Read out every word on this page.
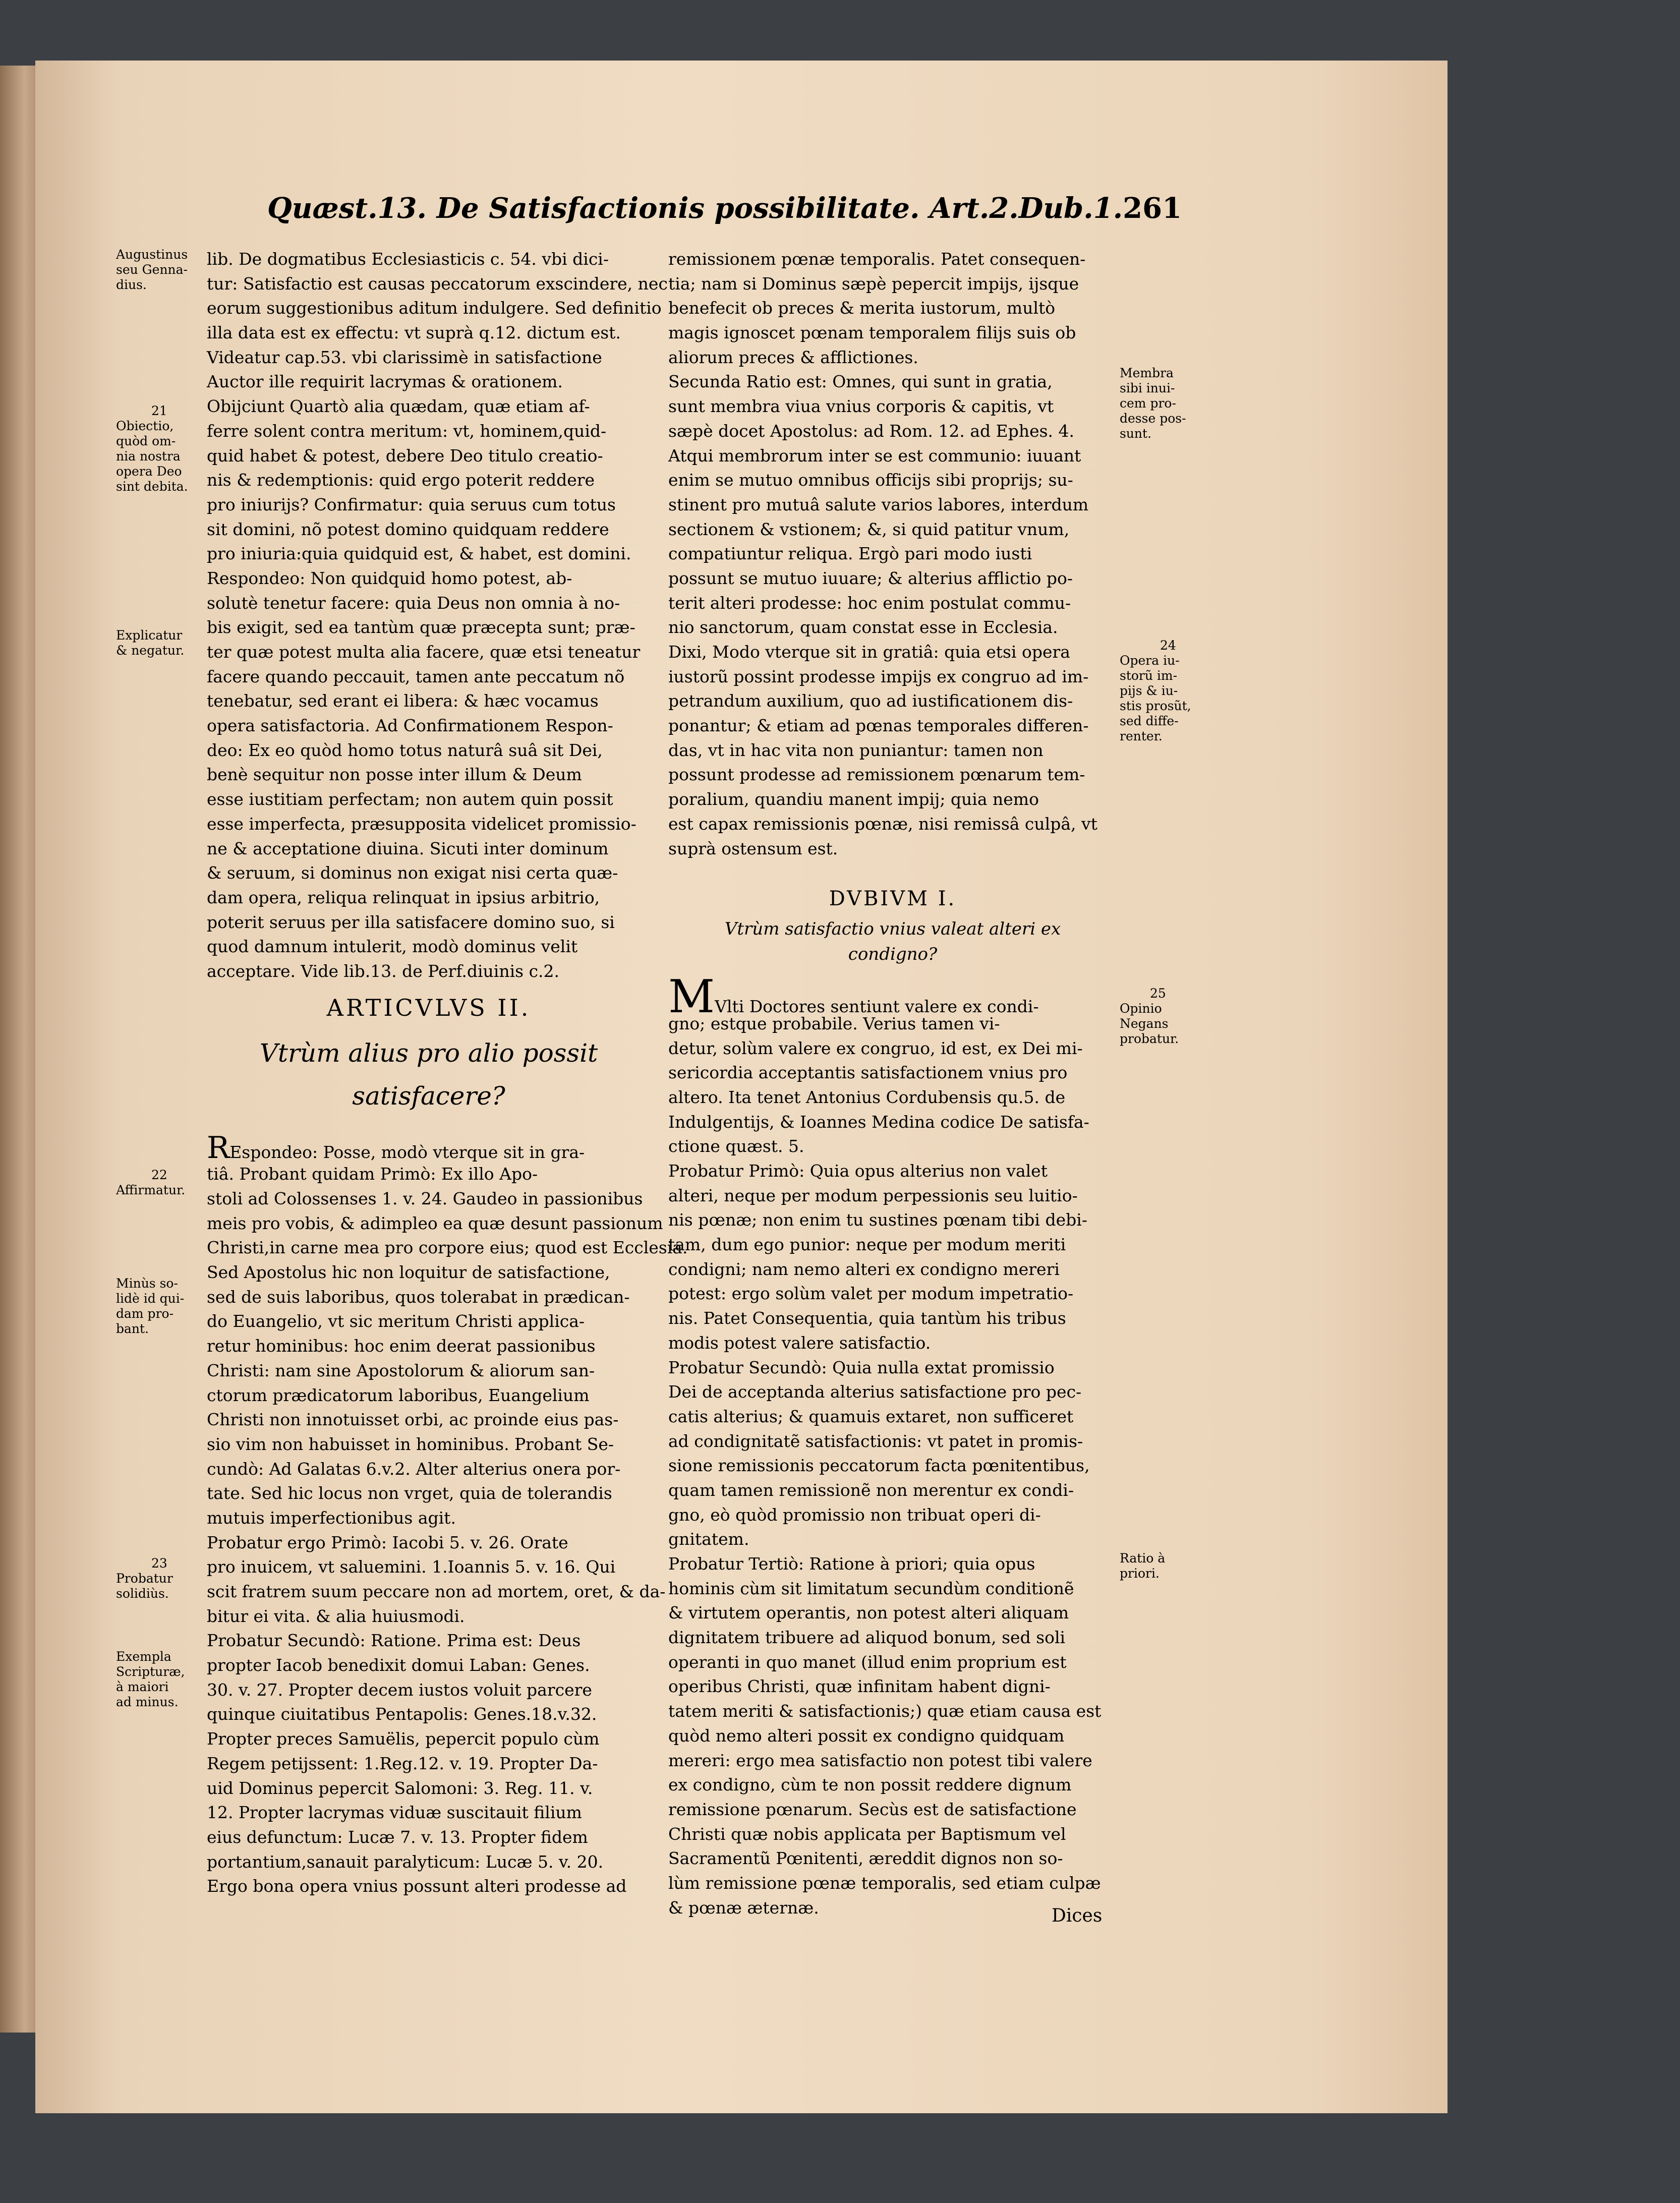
Quæst.13. De Satisfactionis possibilitate. Art.2.Dub.1. 261
lib. De dogmatibus Ecclesiasticis c. 54. vbi dici-
tur: Satisfactio est causas peccatorum exscindere, nec
eorum suggestionibus aditum indulgere. Sed definitio
illa data est ex effectu: vt suprà q.12. dictum est.
Videatur cap.53. vbi clarissimè in satisfactione
Auctor ille requirit lacrymas & orationem.
Obijciunt Quartò alia quædam, quæ etiam af-
ferre solent contra meritum: vt, hominem,quid-
quid habet & potest, debere Deo titulo creatio-
nis & redemptionis: quid ergo poterit reddere
pro iniurijs? Confirmatur: quia seruus cum totus
sit domini, nõ potest domino quidquam reddere
pro iniuria:quia quidquid est, & habet, est domini.
Respondeo: Non quidquid homo potest, ab-
solutè tenetur facere: quia Deus non omnia à no-
bis exigit, sed ea tantùm quæ præcepta sunt; præ-
ter quæ potest multa alia facere, quæ etsi teneatur
facere quando peccauit, tamen ante peccatum nõ
tenebatur, sed erant ei libera: & hæc vocamus
opera satisfactoria. Ad Confirmationem Respon-
deo: Ex eo quòd homo totus naturâ suâ sit Dei,
benè sequitur non posse inter illum & Deum
esse iustitiam perfectam; non autem quin possit
esse imperfecta, præsupposita videlicet promissio-
ne & acceptatione diuina. Sicuti inter dominum
& seruum, si dominus non exigat nisi certa quæ-
dam opera, reliqua relinquat in ipsius arbitrio,
poterit seruus per illa satisfacere domino suo, si
quod damnum intulerit, modò dominus velit
acceptare. Vide lib.13. de Perf.diuinis c.2.
ARTICVLVS II.
Vtrùm alius pro alio possit
satisfacere?
REspondeo: Posse, modò vterque sit in gra-
tiâ. Probant quidam Primò: Ex illo Apo-
stoli ad Colossenses 1. v. 24. Gaudeo in passionibus
meis pro vobis, & adimpleo ea quæ desunt passionum
Christi,in carne mea pro corpore eius; quod est Ecclesia.
Sed Apostolus hic non loquitur de satisfactione,
sed de suis laboribus, quos tolerabat in prædican-
do Euangelio, vt sic meritum Christi applica-
retur hominibus: hoc enim deerat passionibus
Christi: nam sine Apostolorum & aliorum san-
ctorum prædicatorum laboribus, Euangelium
Christi non innotuisset orbi, ac proinde eius pas-
sio vim non habuisset in hominibus. Probant Se-
cundò: Ad Galatas 6.v.2. Alter alterius onera por-
tate. Sed hic locus non vrget, quia de tolerandis
mutuis imperfectionibus agit.
Probatur ergo Primò: Iacobi 5. v. 26. Orate
pro inuicem, vt saluemini. 1.Ioannis 5. v. 16. Qui
scit fratrem suum peccare non ad mortem, oret, & da-
bitur ei vita. & alia huiusmodi.
Probatur Secundò: Ratione. Prima est: Deus
propter Iacob benedixit domui Laban: Genes.
30. v. 27. Propter decem iustos voluit parcere
quinque ciuitatibus Pentapolis: Genes.18.v.32.
Propter preces Samuëlis, pepercit populo cùm
Regem petijssent: 1.Reg.12. v. 19. Propter Da-
uid Dominus pepercit Salomoni: 3. Reg. 11. v.
12. Propter lacrymas viduæ suscitauit filium
eius defunctum: Lucæ 7. v. 13. Propter fidem
portantium,sanauit paralyticum: Lucæ 5. v. 20.
Ergo bona opera vnius possunt alteri prodesse ad
remissionem pœnæ temporalis. Patet consequen-
tia; nam si Dominus sæpè pepercit impijs, ijsque
benefecit ob preces & merita iustorum, multò
magis ignoscet pœnam temporalem filijs suis ob
aliorum preces & afflictiones.
Secunda Ratio est: Omnes, qui sunt in gratia,
sunt membra viua vnius corporis & capitis, vt
sæpè docet Apostolus: ad Rom. 12. ad Ephes. 4.
Atqui membrorum inter se est communio: iuuant
enim se mutuo omnibus officijs sibi proprijs; su-
stinent pro mutuâ salute varios labores, interdum
sectionem & vstionem; &, si quid patitur vnum,
compatiuntur reliqua. Ergò pari modo iusti
possunt se mutuo iuuare; & alterius afflictio po-
terit alteri prodesse: hoc enim postulat commu-
nio sanctorum, quam constat esse in Ecclesia.
Dixi, Modo vterque sit in gratiâ: quia etsi opera
iustorũ possint prodesse impijs ex congruo ad im-
petrandum auxilium, quo ad iustificationem dis-
ponantur; & etiam ad pœnas temporales differen-
das, vt in hac vita non puniantur: tamen non
possunt prodesse ad remissionem pœnarum tem-
poralium, quandiu manent impij; quia nemo
est capax remissionis pœnæ, nisi remissâ culpâ, vt
suprà ostensum est.
DVBIVM I.
Vtrùm satisfactio vnius valeat alteri ex
condigno?
MVlti Doctores sentiunt valere ex condi-
gno; estque probabile. Verius tamen vi-
detur, solùm valere ex congruo, id est, ex Dei mi-
sericordia acceptantis satisfactionem vnius pro
altero. Ita tenet Antonius Cordubensis qu.5. de
Indulgentijs, & Ioannes Medina codice De satisfa-
ctione quæst. 5.
Probatur Primò: Quia opus alterius non valet
alteri, neque per modum perpessionis seu luitio-
nis pœnæ; non enim tu sustines pœnam tibi debi-
tam, dum ego punior: neque per modum meriti
condigni; nam nemo alteri ex condigno mereri
potest: ergo solùm valet per modum impetratio-
nis. Patet Consequentia, quia tantùm his tribus
modis potest valere satisfactio.
Probatur Secundò: Quia nulla extat promissio
Dei de acceptanda alterius satisfactione pro pec-
catis alterius; & quamuis extaret, non sufficeret
ad condignitatẽ satisfactionis: vt patet in promis-
sione remissionis peccatorum facta pœnitentibus,
quam tamen remissionẽ non merentur ex condi-
gno, eò quòd promissio non tribuat operi di-
gnitatem.
Probatur Tertiò: Ratione à priori; quia opus
hominis cùm sit limitatum secundùm conditionẽ
& virtutem operantis, non potest alteri aliquam
dignitatem tribuere ad aliquod bonum, sed soli
operanti in quo manet (illud enim proprium est
operibus Christi, quæ infinitam habent digni-
tatem meriti & satisfactionis;) quæ etiam causa est
quòd nemo alteri possit ex condigno quidquam
mereri: ergo mea satisfactio non potest tibi valere
ex condigno, cùm te non possit reddere dignum
remissione pœnarum. Secùs est de satisfactione
Christi quæ nobis applicata per Baptismum vel
Sacramentũ Pœnitenti, æreddit dignos non so-
lùm remissione pœnæ temporalis, sed etiam culpæ
& pœnæ æternæ.	Dices
Augustinus
seu Genna-
dius.
21
Obiectio,
quòd om-
nia nostra
opera Deo
sint debita.
Explicatur
& negatur.
22
Affirmatur.
Minùs so-
lidè id qui-
dam pro-
bant.
23
Probatur
solidiùs.
Exempla
Scripturæ,
à maiori
ad minus.
Membra
sibi inui-
cem pro-
desse pos-
sunt.
24
Opera iu-
storũ im-
pijs & iu-
stis prosũt,
sed diffe-
renter.
25
Opinio
Negans
probatur.
Ratio à
priori.
